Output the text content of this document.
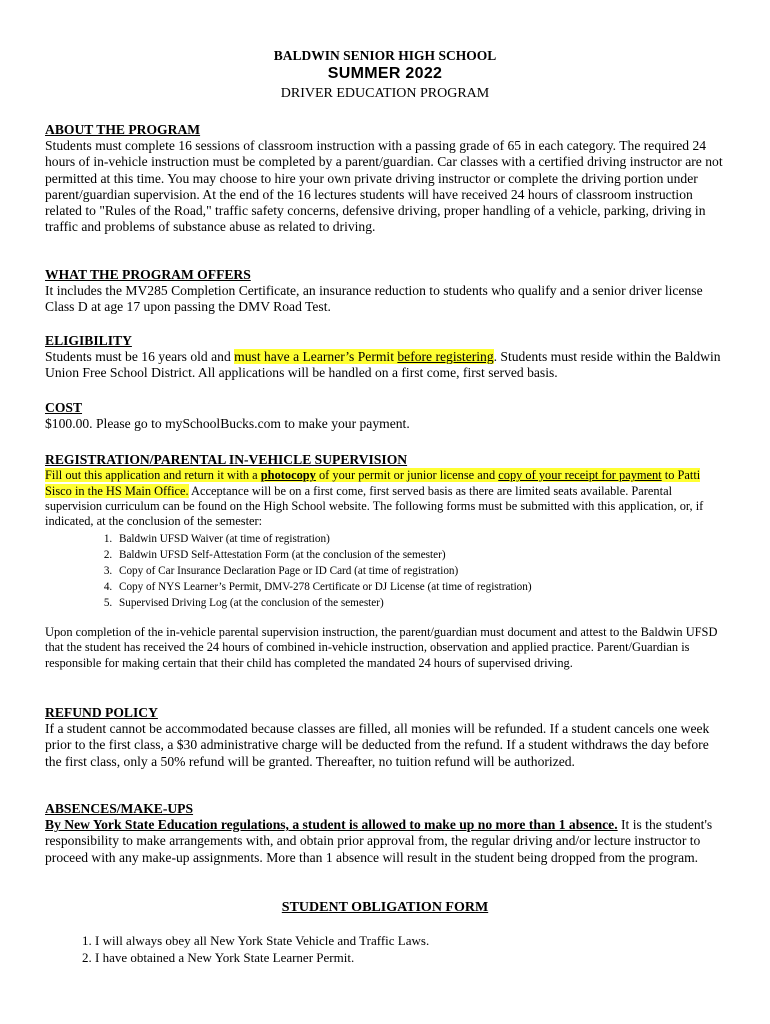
BALDWIN SENIOR HIGH SCHOOL
SUMMER 2022
DRIVER EDUCATION PROGRAM
ABOUT THE PROGRAM
Students must complete 16 sessions of classroom instruction with a passing grade of 65 in each category. The required 24 hours of in-vehicle instruction must be completed by a parent/guardian. Car classes with a certified driving instructor are not permitted at this time. You may choose to hire your own private driving instructor or complete the driving portion under parent/guardian supervision. At the end of the 16 lectures students will have received 24 hours of classroom instruction related to "Rules of the Road," traffic safety concerns, defensive driving, proper handling of a vehicle, parking, driving in traffic and problems of substance abuse as related to driving.
WHAT THE PROGRAM OFFERS
It includes the MV285 Completion Certificate, an insurance reduction to students who qualify and a senior driver license Class D at age 17 upon passing the DMV Road Test.
ELIGIBILITY
Students must be 16 years old and must have a Learner’s Permit before registering. Students must reside within the Baldwin Union Free School District. All applications will be handled on a first come, first served basis.
COST
$100.00. Please go to mySchoolBucks.com to make your payment.
REGISTRATION/PARENTAL IN-VEHICLE SUPERVISION
Fill out this application and return it with a photocopy of your permit or junior license and copy of your receipt for payment to Patti Sisco in the HS Main Office. Acceptance will be on a first come, first served basis as there are limited seats available. Parental supervision curriculum can be found on the High School website. The following forms must be submitted with this application, or, if indicated, at the conclusion of the semester:
1. Baldwin UFSD Waiver (at time of registration)
2. Baldwin UFSD Self-Attestation Form (at the conclusion of the semester)
3. Copy of Car Insurance Declaration Page or ID Card (at time of registration)
4. Copy of NYS Learner’s Permit, DMV-278 Certificate or DJ License (at time of registration)
5. Supervised Driving Log (at the conclusion of the semester)
Upon completion of the in-vehicle parental supervision instruction, the parent/guardian must document and attest to the Baldwin UFSD that the student has received the 24 hours of combined in-vehicle instruction, observation and applied practice. Parent/Guardian is responsible for making certain that their child has completed the mandated 24 hours of supervised driving.
REFUND POLICY
If a student cannot be accommodated because classes are filled, all monies will be refunded. If a student cancels one week prior to the first class, a $30 administrative charge will be deducted from the refund. If a student withdraws the day before the first class, only a 50% refund will be granted. Thereafter, no tuition refund will be authorized.
ABSENCES/MAKE-UPS
By New York State Education regulations, a student is allowed to make up no more than 1 absence. It is the student's responsibility to make arrangements with, and obtain prior approval from, the regular driving and/or lecture instructor to proceed with any make-up assignments. More than 1 absence will result in the student being dropped from the program.
STUDENT OBLIGATION FORM
1. I will always obey all New York State Vehicle and Traffic Laws.
2. I have obtained a New York State Learner Permit.
